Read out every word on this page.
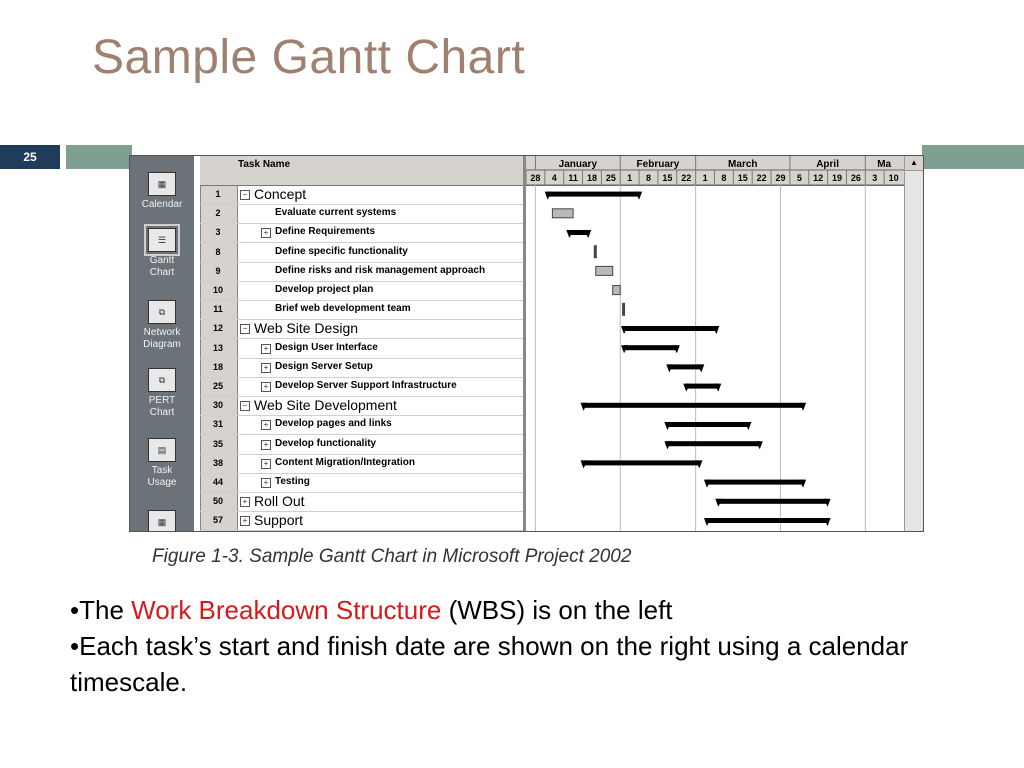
Sample Gantt Chart
25
▦
Calendar
☰
Gantt Chart
⧉
Network Diagram
⧉
PERT Chart
▤
Task Usage
▦
Task Name
1	− Concept
2	Evaluate current systems
3	+ Define Requirements
8	Define specific functionality
9	Define risks and risk management approach
10	Develop project plan
11	Brief web development team
12	− Web Site Design
13	+ Design User Interface
18	+ Design Server Setup
25	+ Develop Server Support Infrastructure
30	− Web Site Development
31	+ Develop pages and links
35	+ Develop functionality
38	+ Content Migration/Integration
44	+ Testing
50	+ Roll Out
57	+ Support
28 4 11 18 25 1 8 15 22 1 8 15 22 29 5 12 19 26 3 10
January	February	March	April	Ma	▲
Figure 1-3. Sample Gantt Chart in Microsoft Project 2002
•The Work Breakdown Structure (WBS) is on the left
•Each task’s start and finish date are shown on the right using a calendar timescale.
